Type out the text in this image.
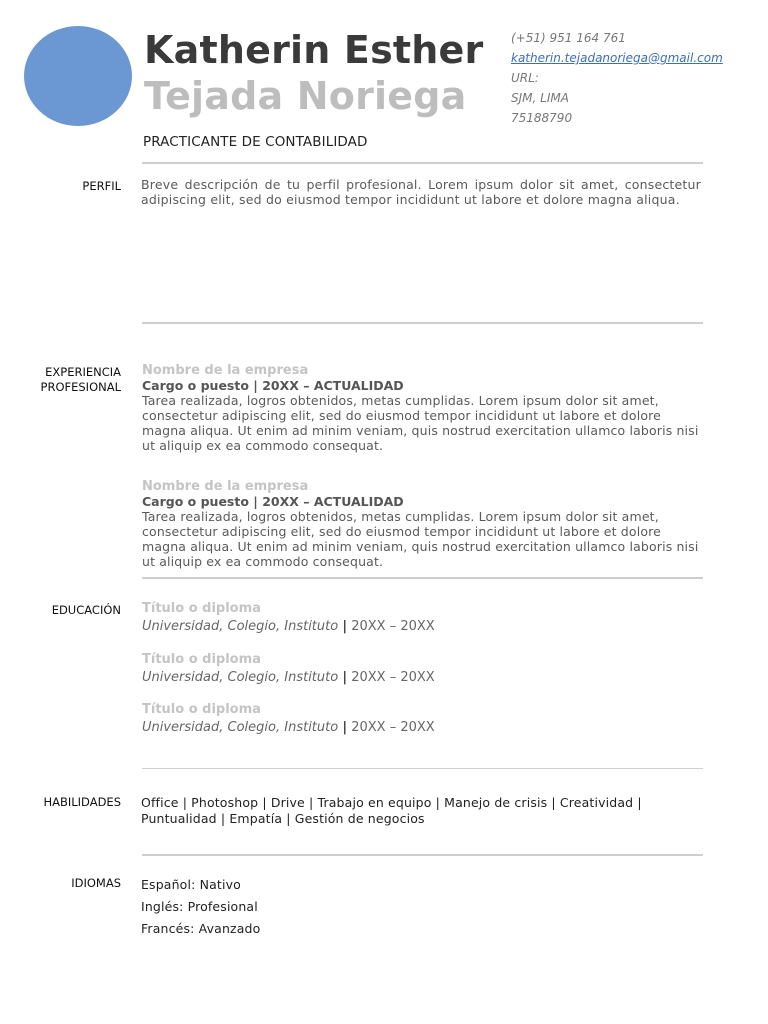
Katherin Esther
Tejada Noriega
(+51) 951 164 761
katherin.tejadanoriega@gmail.com
URL:
SJM, LIMA
75188790
PRACTICANTE DE CONTABILIDAD
PERFIL Breve descripción de tu perfil profesional. Lorem ipsum dolor sit amet, consectetur adipiscing elit, sed do eiusmod tempor incididunt ut labore et dolore magna aliqua.
EXPERIENCIA
PROFESIONAL
Nombre de la empresa
Cargo o puesto | 20XX – ACTUALIDAD
Tarea realizada, logros obtenidos, metas cumplidas. Lorem ipsum dolor sit amet, consectetur adipiscing elit, sed do eiusmod tempor incididunt ut labore et dolore magna aliqua. Ut enim ad minim veniam, quis nostrud exercitation ullamco laboris nisi ut aliquip ex ea commodo consequat.
Nombre de la empresa
Cargo o puesto | 20XX – ACTUALIDAD
Tarea realizada, logros obtenidos, metas cumplidas. Lorem ipsum dolor sit amet, consectetur adipiscing elit, sed do eiusmod tempor incididunt ut labore et dolore magna aliqua. Ut enim ad minim veniam, quis nostrud exercitation ullamco laboris nisi ut aliquip ex ea commodo consequat.
EDUCACIÓN Título o diploma
Universidad, Colegio, Instituto | 20XX – 20XX
Título o diploma
Universidad, Colegio, Instituto | 20XX – 20XX
Título o diploma
Universidad, Colegio, Instituto | 20XX – 20XX
HABILIDADES Office | Photoshop | Drive | Trabajo en equipo | Manejo de crisis | Creatividad |
Puntualidad | Empatía | Gestión de negocios
IDIOMAS Español: Nativo
Inglés: Profesional
Francés: Avanzado
